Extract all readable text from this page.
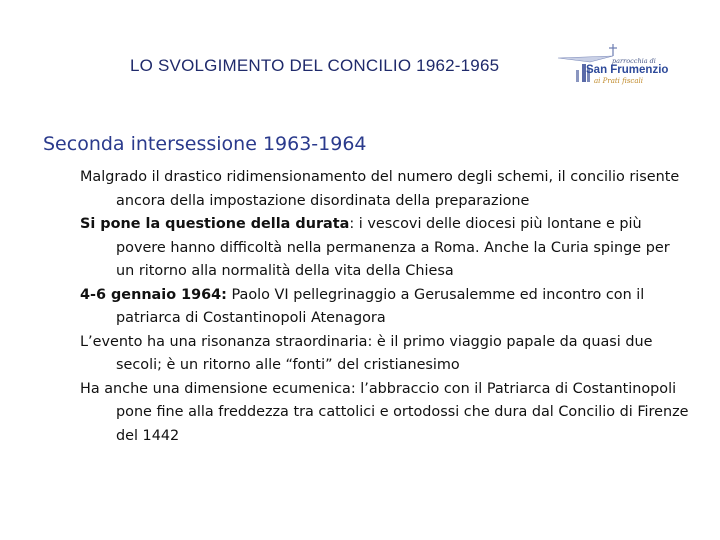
LO SVOLGIMENTO DEL CONCILIO 1962-1965	parrocchia di
San Frumenzio
ai Prati fiscali
Seconda intersessione 1963-1964
Malgrado il drastico ridimensionamento del numero degli schemi, il concilio risente ancora della impostazione disordinata della preparazione
Si pone la questione della durata: i vescovi delle diocesi più lontane e più povere hanno difficoltà nella permanenza a Roma. Anche la Curia spinge per un ritorno alla normalità della vita della Chiesa
4-6 gennaio 1964: Paolo VI pellegrinaggio a Gerusalemme ed incontro con il patriarca di Costantinopoli Atenagora
L’evento ha una risonanza straordinaria: è il primo viaggio papale da quasi due secoli; è un ritorno alle “fonti” del cristianesimo
Ha anche una dimensione ecumenica: l’abbraccio con il Patriarca di Costantinopoli pone fine alla freddezza tra cattolici e ortodossi che dura dal Concilio di Firenze del 1442
